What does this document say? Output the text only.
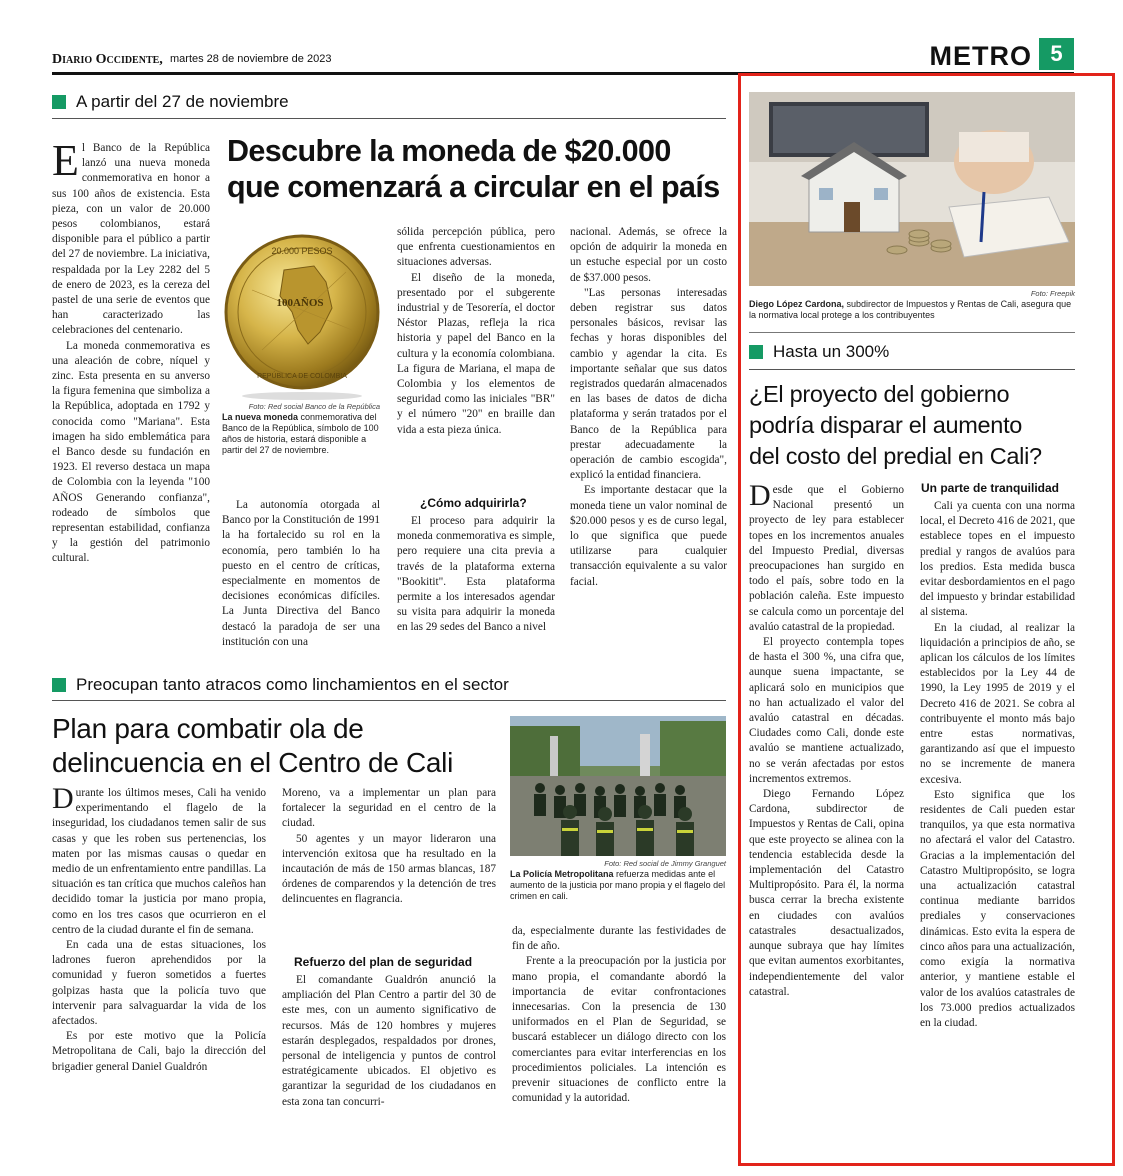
Diario Occidente, martes 28 de noviembre de 2023	METRO 5
A partir del 27 de noviembre

El Banco de la República lanzó una nueva moneda conmemorativa en honor a sus 100 años de existencia. Esta pieza, con un valor de 20.000 pesos colombianos, estará disponible para el público a partir del 27 de noviembre. La iniciativa, respaldada por la Ley 2282 del 5 de enero de 2023, es la cereza del pastel de una serie de eventos que han caracterizado las celebraciones del centenario.

La moneda conmemorativa es una aleación de cobre, níquel y zinc. Esta presenta en su anverso la figura femenina que simboliza a la República, adoptada en 1792 y conocida como "Mariana". Esta imagen ha sido emblemática para el Banco desde su fundación en 1923. El reverso destaca un mapa de Colombia con la leyenda "100 AÑOS Generando confianza", rodeado de símbolos que representan estabilidad, confianza y la gestión del patrimonio cultural.

Descubre la moneda de $20.000
que comenzará a circular en el país
20.000 PESOS
100AÑOS
REPÚBLICA DE COLOMBIA
Foto: Red social Banco de la República
La nueva moneda conmemorativa del Banco de la República, símbolo de 100 años de historia, estará disponible a partir del 27 de noviembre.

La autonomía otorgada al Banco por la Constitución de 1991 la ha fortalecido su rol en la economía, pero también lo ha puesto en el centro de críticas, especialmente en momentos de decisiones económicas difíciles. La Junta Directiva del Banco destacó la paradoja de ser una institución con una

sólida percepción pública, pero que enfrenta cuestionamientos en situaciones adversas.

El diseño de la moneda, presentado por el subgerente industrial y de Tesorería, el doctor Néstor Plazas, refleja la rica historia y papel del Banco en la cultura y la economía colombiana. La figura de Mariana, el mapa de Colombia y los elementos de seguridad como las iniciales "BR" y el número "20" en braille dan vida a esta pieza única.

¿Cómo adquirirla?

El proceso para adquirir la moneda conmemorativa es simple, pero requiere una cita previa a través de la plataforma externa "Bookitit". Esta plataforma permite a los interesados agendar su visita para adquirir la moneda en las 29 sedes del Banco a nivel

nacional. Además, se ofrece la opción de adquirir la moneda en un estuche especial por un costo de $37.000 pesos.

"Las personas interesadas deben registrar sus datos personales básicos, revisar las fechas y horas disponibles del cambio y agendar la cita. Es importante señalar que sus datos registrados quedarán almacenados en las bases de datos de dicha plataforma y serán tratados por el Banco de la República para prestar adecuadamente la operación de cambio escogida", explicó la entidad financiera.

Es importante destacar que la moneda tiene un valor nominal de $20.000 pesos y es de curso legal, lo que significa que puede utilizarse para cualquier transacción equivalente a su valor facial.

Preocupan tanto atracos como linchamientos en el sector
Plan para combatir ola de
delincuencia en el Centro de Cali

Durante los últimos meses, Cali ha venido experimentando el flagelo de la inseguridad, los ciudadanos temen salir de sus casas y que les roben sus pertenencias, los maten por las mismas causas o quedar en medio de un enfrentamiento entre pandillas. La situación es tan crítica que muchos caleños han decidido tomar la justicia por mano propia, como en los tres casos que ocurrieron en el centro de la ciudad durante el fin de semana.

En cada una de estas situaciones, los ladrones fueron aprehendidos por la comunidad y fueron sometidos a fuertes golpizas hasta que la policía tuvo que intervenir para salvaguardar la vida de los afectados.

Es por este motivo que la Policía Metropolitana de Cali, bajo la dirección del brigadier general Daniel Gualdrón

Moreno, va a implementar un plan para fortalecer la seguridad en el centro de la ciudad.

50 agentes y un mayor lideraron una intervención exitosa que ha resultado en la incautación de más de 150 armas blancas, 187 órdenes de comparendos y la detención de tres delincuentes en flagrancia.

Refuerzo del plan de seguridad

El comandante Gualdrón anunció la ampliación del Plan Centro a partir del 30 de este mes, con un aumento significativo de recursos. Más de 120 hombres y mujeres estarán desplegados, respaldados por drones, personal de inteligencia y puntos de control estratégicamente ubicados. El objetivo es garantizar la seguridad de los ciudadanos en esta zona tan concurri-

Foto: Red social de Jimmy Granguet
La Policía Metropolitana refuerza medidas ante el aumento de la justicia por mano propia y el flagelo del crimen en cali.

da, especialmente durante las festividades de fin de año.

Frente a la preocupación por la justicia por mano propia, el comandante abordó la importancia de evitar confrontaciones innecesarias. Con la presencia de 130 uniformados en el Plan de Seguridad, se buscará establecer un diálogo directo con los comerciantes para evitar interferencias en los procedimientos policiales. La intención es prevenir situaciones de conflicto entre la comunidad y la autoridad.

Foto: Freepik
Diego López Cardona, subdirector de Impuestos y Rentas de Cali, asegura que la normativa local protege a los contribuyentes
Hasta un 300%
¿El proyecto del gobierno
podría disparar el aumento
del costo del predial en Cali?

Desde que el Gobierno Nacional presentó un proyecto de ley para establecer topes en los incrementos anuales del Impuesto Predial, diversas preocupaciones han surgido en todo el país, sobre todo en la población caleña. Este impuesto se calcula como un porcentaje del avalúo catastral de la propiedad.

El proyecto contempla topes de hasta el 300 %, una cifra que, aunque suena impactante, se aplicará solo en municipios que no han actualizado el valor del avalúo catastral en décadas. Ciudades como Cali, donde este avalúo se mantiene actualizado, no se verán afectadas por estos incrementos extremos.

Diego Fernando López Cardona, subdirector de Impuestos y Rentas de Cali, opina que este proyecto se alinea con la tendencia establecida desde la implementación del Catastro Multipropósito. Para él, la norma busca cerrar la brecha existente en ciudades con avalúos catastrales desactualizados, aunque subraya que hay límites que evitan aumentos exorbitantes, independientemente del valor catastral.

Un parte de tranquilidad

Cali ya cuenta con una norma local, el Decreto 416 de 2021, que establece topes en el impuesto predial y rangos de avalúos para los predios. Esta medida busca evitar desbordamientos en el pago del impuesto y brindar estabilidad al sistema.

En la ciudad, al realizar la liquidación a principios de año, se aplican los cálculos de los límites establecidos por la Ley 44 de 1990, la Ley 1995 de 2019 y el Decreto 416 de 2021. Se cobra al contribuyente el monto más bajo entre estas normativas, garantizando así que el impuesto no se incremente de manera excesiva.

Esto significa que los residentes de Cali pueden estar tranquilos, ya que esta normativa no afectará el valor del Catastro. Gracias a la implementación del Catastro Multipropósito, se logra una actualización catastral continua mediante barridos prediales y conservaciones dinámicas. Esto evita la espera de cinco años para una actualización, como exigía la normativa anterior, y mantiene estable el valor de los avalúos catastrales de los 73.000 predios actualizados en la ciudad.
